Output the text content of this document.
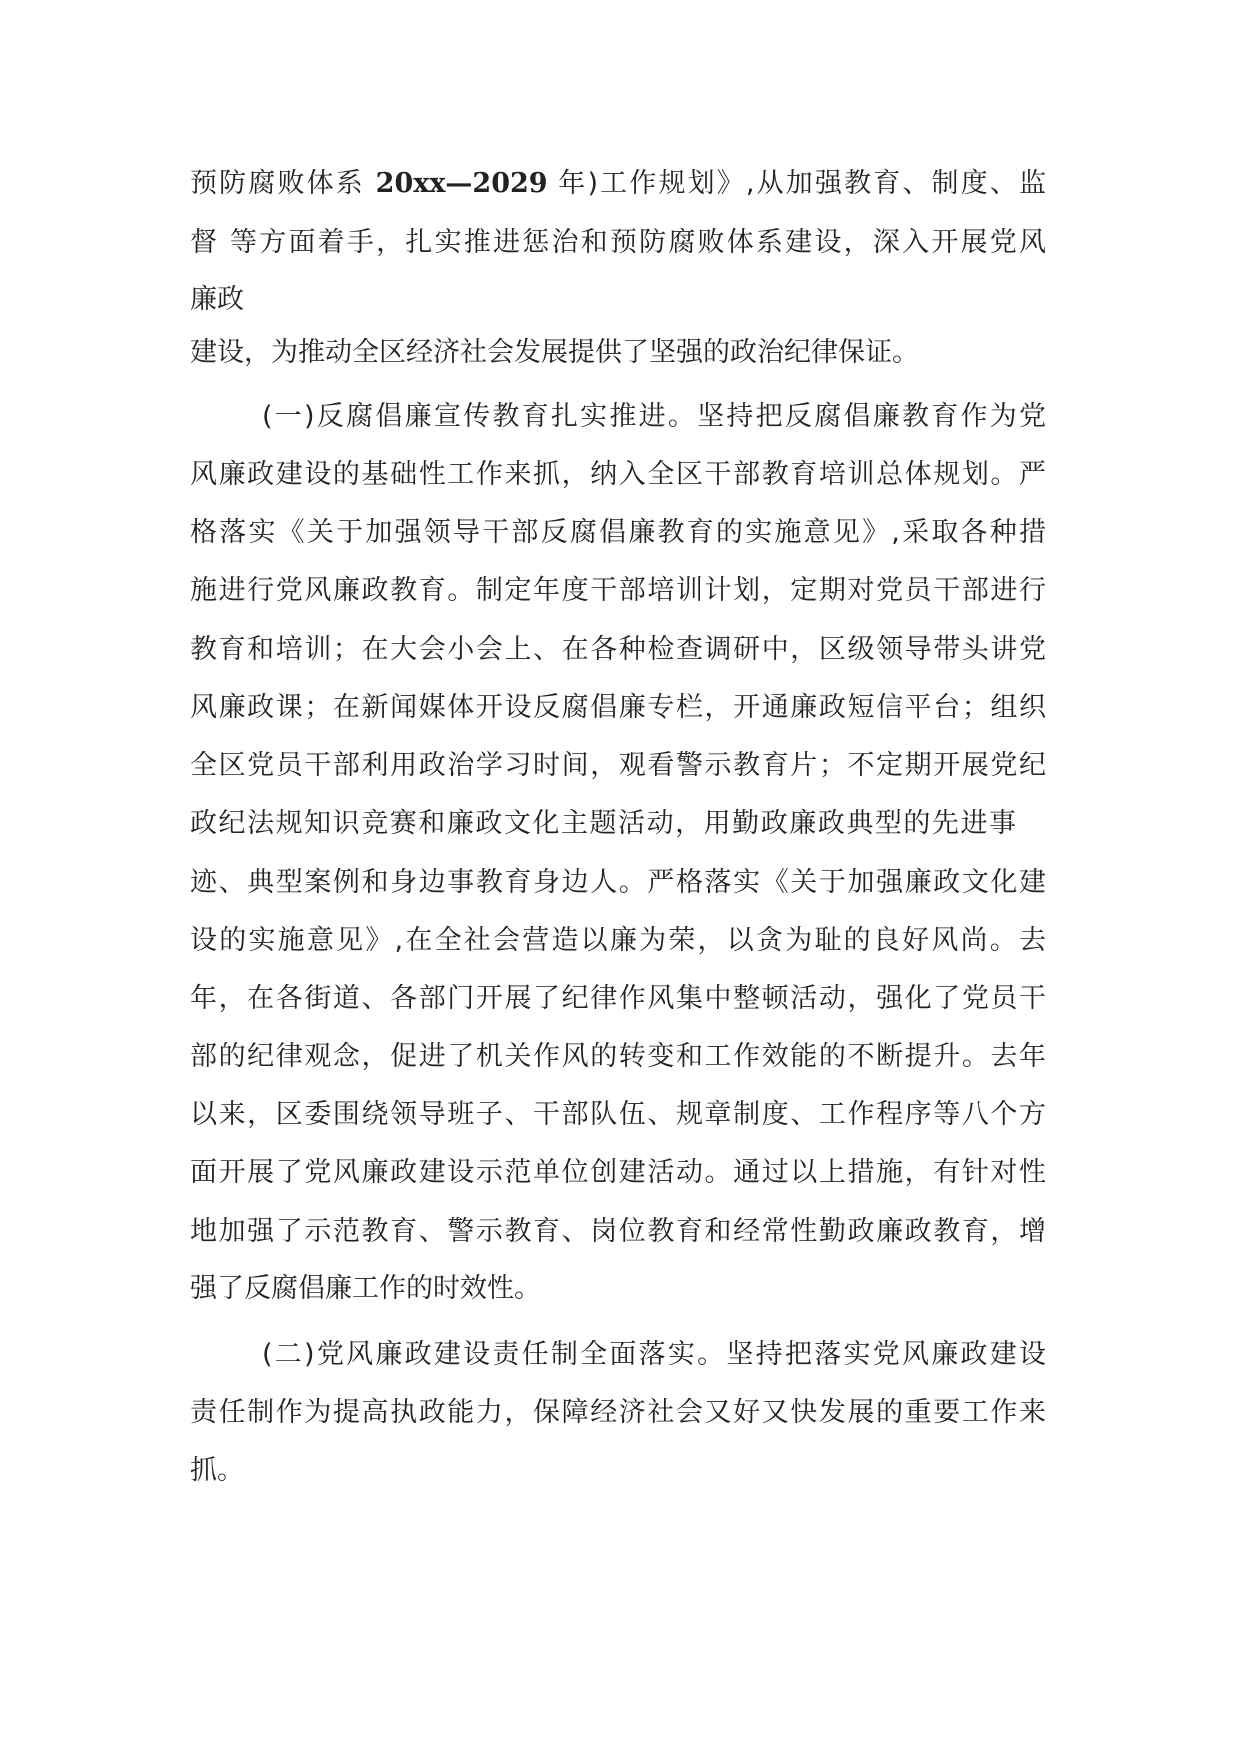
预防腐败体系 20xx—2029 年)工作规划》,从加强教育、制度、监
督 等方面着手，扎实推进惩治和预防腐败体系建设，深入开展党风
廉政
建设，为推动全区经济社会发展提供了坚强的政治纪律保证。
(一)反腐倡廉宣传教育扎实推进。坚持把反腐倡廉教育作为党
风廉政建设的基础性工作来抓，纳入全区干部教育培训总体规划。严
格落实《关于加强领导干部反腐倡廉教育的实施意见》,采取各种措
施进行党风廉政教育。制定年度干部培训计划，定期对党员干部进行
教育和培训；在大会小会上、在各种检查调研中，区级领导带头讲党
风廉政课；在新闻媒体开设反腐倡廉专栏，开通廉政短信平台；组织
全区党员干部利用政治学习时间，观看警示教育片；不定期开展党纪
政纪法规知识竞赛和廉政文化主题活动，用勤政廉政典型的先进事
迹、典型案例和身边事教育身边人。严格落实《关于加强廉政文化建
设的实施意见》,在全社会营造以廉为荣，以贪为耻的良好风尚。去
年，在各街道、各部门开展了纪律作风集中整顿活动，强化了党员干
部的纪律观念，促进了机关作风的转变和工作效能的不断提升。去年
以来，区委围绕领导班子、干部队伍、规章制度、工作程序等八个方
面开展了党风廉政建设示范单位创建活动。通过以上措施，有针对性
地加强了示范教育、警示教育、岗位教育和经常性勤政廉政教育，增
强了反腐倡廉工作的时效性。
(二)党风廉政建设责任制全面落实。坚持把落实党风廉政建设
责任制作为提高执政能力，保障经济社会又好又快发展的重要工作来
抓。
